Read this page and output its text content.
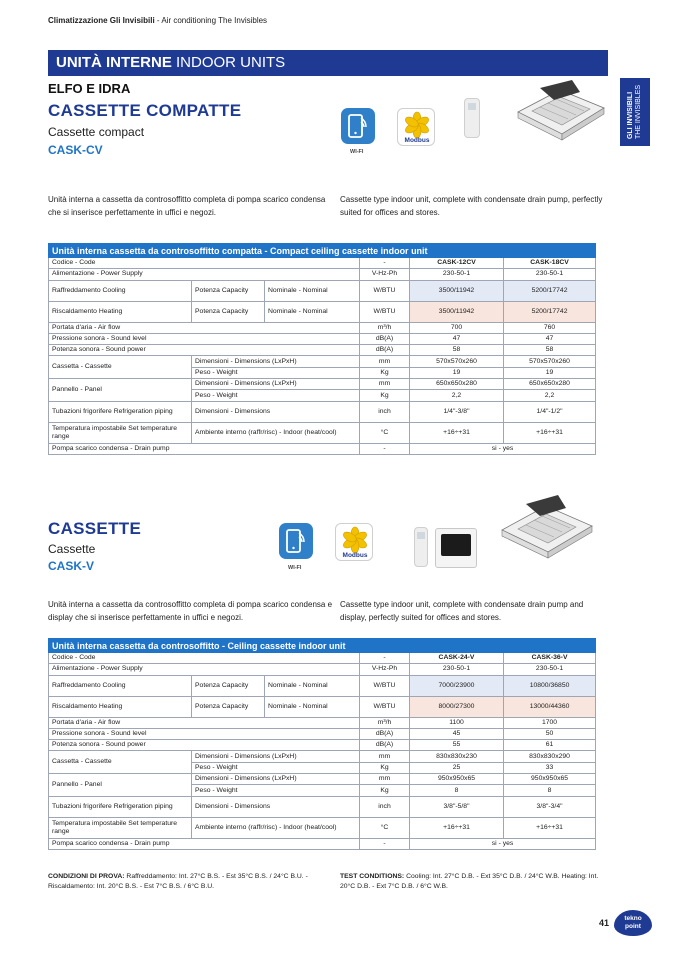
Climatizzazione Gli Invisibili - Air conditioning The Invisibles
UNITÀ INTERNE INDOOR UNITS
GLI INVISIBILI THE INVISIBLES
ELFO E IDRA
CASSETTE COMPATTE
Cassette compact
CASK-CV	WI-FI
Modbus
Unità interna a cassetta da controsoffitto completa di pompa scarico condensa che si inserisce perfettamente in uffici e negozi.
Cassette type indoor unit, complete with condensate drain pump, perfectly suited for offices and stores.
Unità interna cassetta da controsoffitto compatta - Compact ceiling cassette indoor unit					
Codice - Code			-	CASK-12CV	CASK-18CV
Alimentazione - Power Supply			V-Hz-Ph	230-50-1	230-50-1
Raffreddamento Cooling	Potenza Capacity	Nominale - Nominal	W/BTU	3500/11942	5200/17742
Riscaldamento Heating	Potenza Capacity	Nominale - Nominal	W/BTU	3500/11942	5200/17742
Portata d'aria - Air flow			m³/h	700	760
Pressione sonora - Sound level			dB(A)	47	47
Potenza sonora - Sound power			dB(A)	58	58
Cassetta - Cassette	Dimensioni - Dimensions (LxPxH)		mm	570x570x260	570x570x260
	Peso - Weight		Kg	19	19
Pannello - Panel	Dimensioni - Dimensions (LxPxH)		mm	650x650x280	650x650x280
	Peso - Weight		Kg	2,2	2,2
Tubazioni frigorifere Refrigeration piping	Dimensioni - Dimensions		inch	1/4"-3/8"	1/4"-1/2"
Temperatura impostabile Set temperature range	Ambiente interno (raffr/risc) - Indoor (heat/cool)		°C	+16÷+31	+16÷+31
Pompa scarico condensa - Drain pump			-	si - yes	
CASSETTE
Cassette
CASK-V	WI-FI
Modbus
Unità interna a cassetta da controsoffitto completa di pompa scarico condensa e display che si inserisce perfettamente in uffici e negozi.
Cassette type indoor unit, complete with condensate drain pump and display, perfectly suited for offices and stores.
Unità interna cassetta da controsoffitto - Ceiling cassette indoor unit					
Codice - Code			-	CASK-24-V	CASK-36-V
Alimentazione - Power Supply			V-Hz-Ph	230-50-1	230-50-1
Raffreddamento Cooling	Potenza Capacity	Nominale - Nominal	W/BTU	7000/23900	10800/36850
Riscaldamento Heating	Potenza Capacity	Nominale - Nominal	W/BTU	8000/27300	13000/44360
Portata d'aria - Air flow			m³/h	1100	1700
Pressione sonora - Sound level			dB(A)	45	50
Potenza sonora - Sound power			dB(A)	55	61
Cassetta - Cassette	Dimensioni - Dimensions (LxPxH)		mm	830x830x230	830x830x290
	Peso - Weight		Kg	25	33
Pannello - Panel	Dimensioni - Dimensions (LxPxH)		mm	950x950x65	950x950x65
	Peso - Weight		Kg	8	8
Tubazioni frigorifere Refrigeration piping	Dimensioni - Dimensions		inch	3/8"-5/8"	3/8"-3/4"
Temperatura impostabile Set temperature range	Ambiente interno (raffr/risc) - Indoor (heat/cool)		°C	+16÷+31	+16÷+31
Pompa scarico condensa - Drain pump			-	si - yes	
CONDIZIONI DI PROVA: Raffreddamento: Int. 27°C B.S. - Est 35°C B.S. / 24°C B.U. - Riscaldamento: Int. 20°C B.S. - Est 7°C B.S. / 6°C B.U.
TEST CONDITIONS: Cooling: Int. 27°C D.B. - Ext 35°C D.B. / 24°C W.B. Heating: Int. 20°C D.B. - Ext 7°C D.B. / 6°C W.B.
41	tekno
point
